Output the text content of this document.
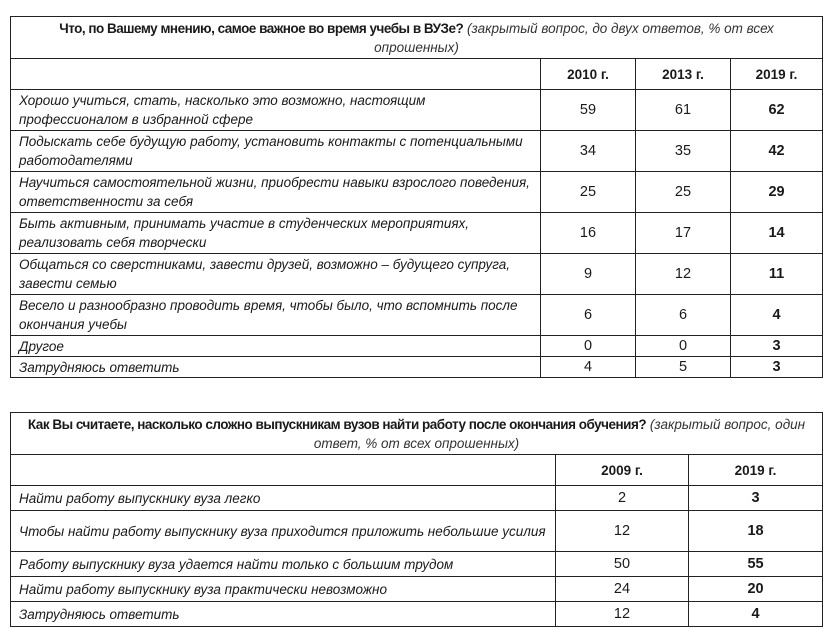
Что, по Вашему мнению, самое важное во время учебы в ВУЗе? (закрытый вопрос, до двух ответов, % от всех опрошенных)			
	2010 г.	2013 г.	2019 г.
Хорошо учиться, стать, насколько это возможно, настоящим профессионалом в избранной сфере	59	61	62
Подыскать себе будущую работу, установить контакты с потенциальными работодателями	34	35	42
Научиться самостоятельной жизни, приобрести навыки взрослого поведения, ответственности за себя	25	25	29
Быть активным, принимать участие в студенческих мероприятиях, реализовать себя творчески	16	17	14
Общаться со сверстниками, завести друзей, возможно – будущего супруга, завести семью	9	12	11
Весело и разнообразно проводить время, чтобы было, что вспомнить после окончания учебы	6	6	4
Другое	0	0	3
Затрудняюсь ответить	4	5	3
Как Вы считаете, насколько сложно выпускникам вузов найти работу после окончания обучения? (закрытый вопрос, один ответ, % от всех опрошенных)		
	2009 г.	2019 г.
Найти работу выпускнику вуза легко	2	3
Чтобы найти работу выпускнику вуза приходится приложить небольшие усилия	12	18
Работу выпускнику вуза удается найти только с большим трудом	50	55
Найти работу выпускнику вуза практически невозможно	24	20
Затрудняюсь ответить	12	4
